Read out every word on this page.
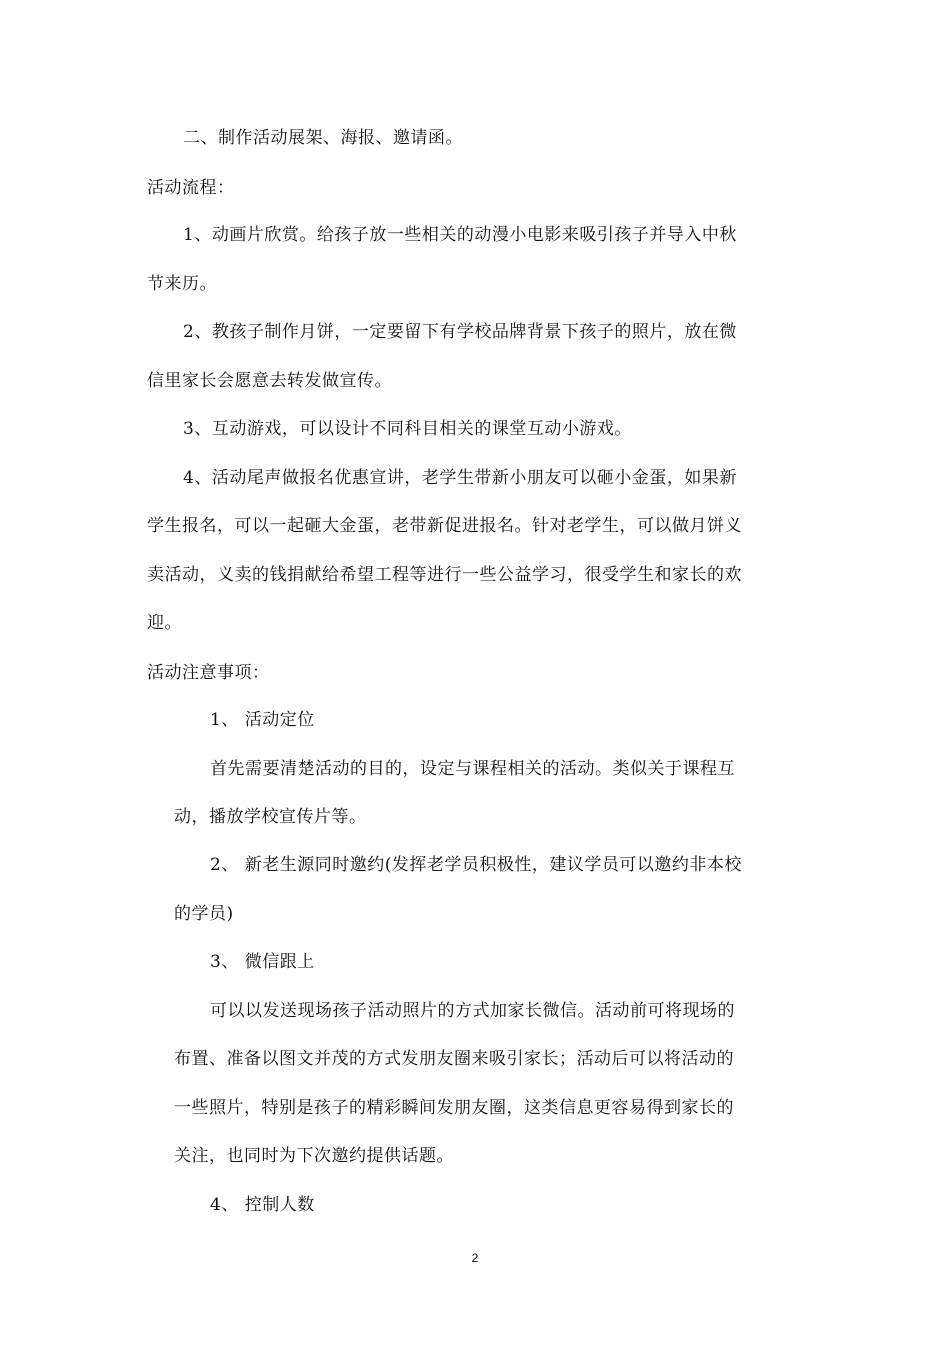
二、制作活动展架、海报、邀请函。
活动流程：
1、动画片欣赏。给孩子放一些相关的动漫小电影来吸引孩子并导入中秋
节来历。
2、教孩子制作月饼，一定要留下有学校品牌背景下孩子的照片，放在微
信里家长会愿意去转发做宣传。
3、互动游戏，可以设计不同科目相关的课堂互动小游戏。
4、活动尾声做报名优惠宣讲，老学生带新小朋友可以砸小金蛋，如果新
学生报名，可以一起砸大金蛋，老带新促进报名。针对老学生，可以做月饼义
卖活动，义卖的钱捐献给希望工程等进行一些公益学习，很受学生和家长的欢
迎。
活动注意事项：
1、 活动定位
首先需要清楚活动的目的，设定与课程相关的活动。类似关于课程互
动，播放学校宣传片等。
2、 新老生源同时邀约(发挥老学员积极性，建议学员可以邀约非本校
的学员)
3、 微信跟上
可以以发送现场孩子活动照片的方式加家长微信。活动前可将现场的
布置、准备以图文并茂的方式发朋友圈来吸引家长；活动后可以将活动的
一些照片，特别是孩子的精彩瞬间发朋友圈，这类信息更容易得到家长的
关注，也同时为下次邀约提供话题。
4、 控制人数
2
